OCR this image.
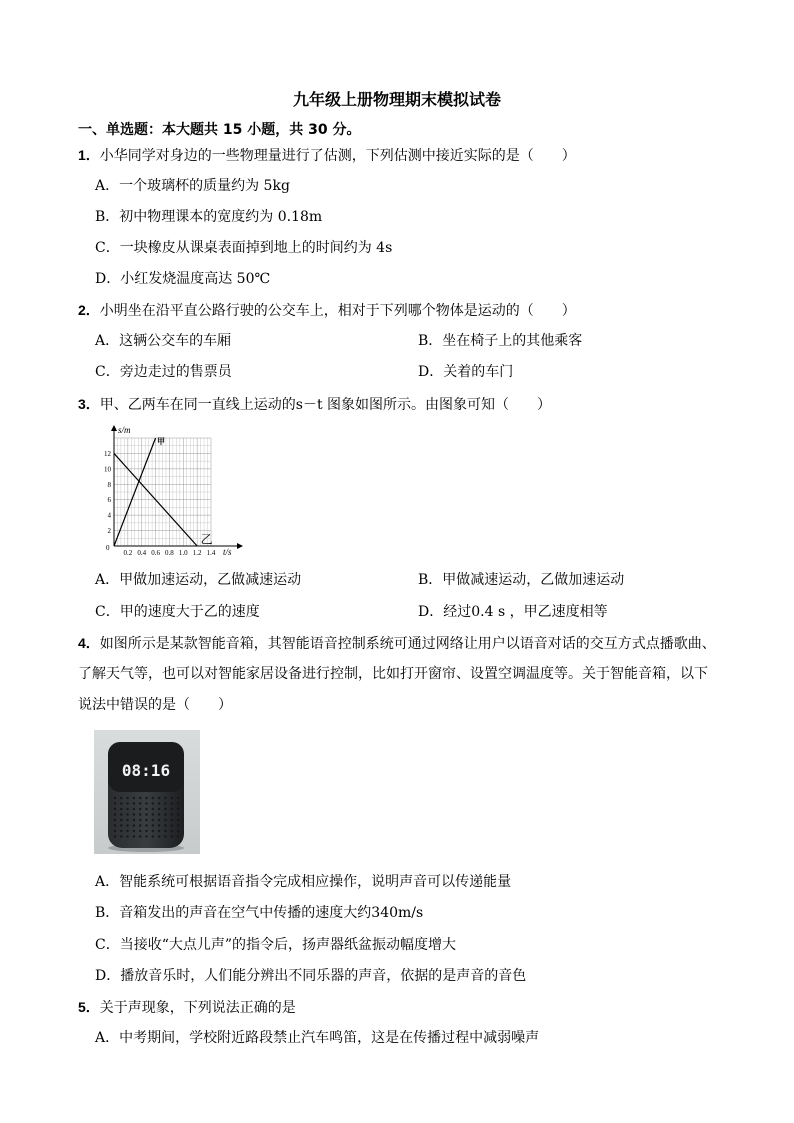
九年级上册物理期末模拟试卷
一、单选题：本大题共 15 小题，共 30 分。
1．小华同学对身边的一些物理量进行了估测，下列估测中接近实际的是（　　）
A．一个玻璃杯的质量约为 5kg
B．初中物理课本的宽度约为 0.18m
C．一块橡皮从课桌表面掉到地上的时间约为 4s
D．小红发烧温度高达 50℃
2．小明坐在沿平直公路行驶的公交车上，相对于下列哪个物体是运动的（　　）
A．这辆公交车的车厢	B．坐在椅子上的其他乘客
C．旁边走过的售票员	D．关着的车门
3．甲、乙两车在同一直线上运动的s－t 图象如图所示。由图象可知（　　）
s/m
t/s
0
0.2 0.4 0.6 0.8 1.0 1.2 1.4
2
4
6
8
10
12
甲
乙
A．甲做加速运动，乙做减速运动	B．甲做减速运动，乙做加速运动
C．甲的速度大于乙的速度	D．经过0.4 s ，甲乙速度相等
4．如图所示是某款智能音箱，其智能语音控制系统可通过网络让用户以语音对话的交互方式点播歌曲、
了解天气等，也可以对智能家居设备进行控制，比如打开窗帘、设置空调温度等。关于智能音箱，以下
说法中错误的是（　　）
08:16
A．智能系统可根据语音指令完成相应操作，说明声音可以传递能量
B．音箱发出的声音在空气中传播的速度大约340m/s
C．当接收“大点儿声”的指令后，扬声器纸盆振动幅度增大
D．播放音乐时，人们能分辨出不同乐器的声音，依据的是声音的音色
5．关于声现象，下列说法正确的是
A．中考期间，学校附近路段禁止汽车鸣笛，这是在传播过程中减弱噪声
